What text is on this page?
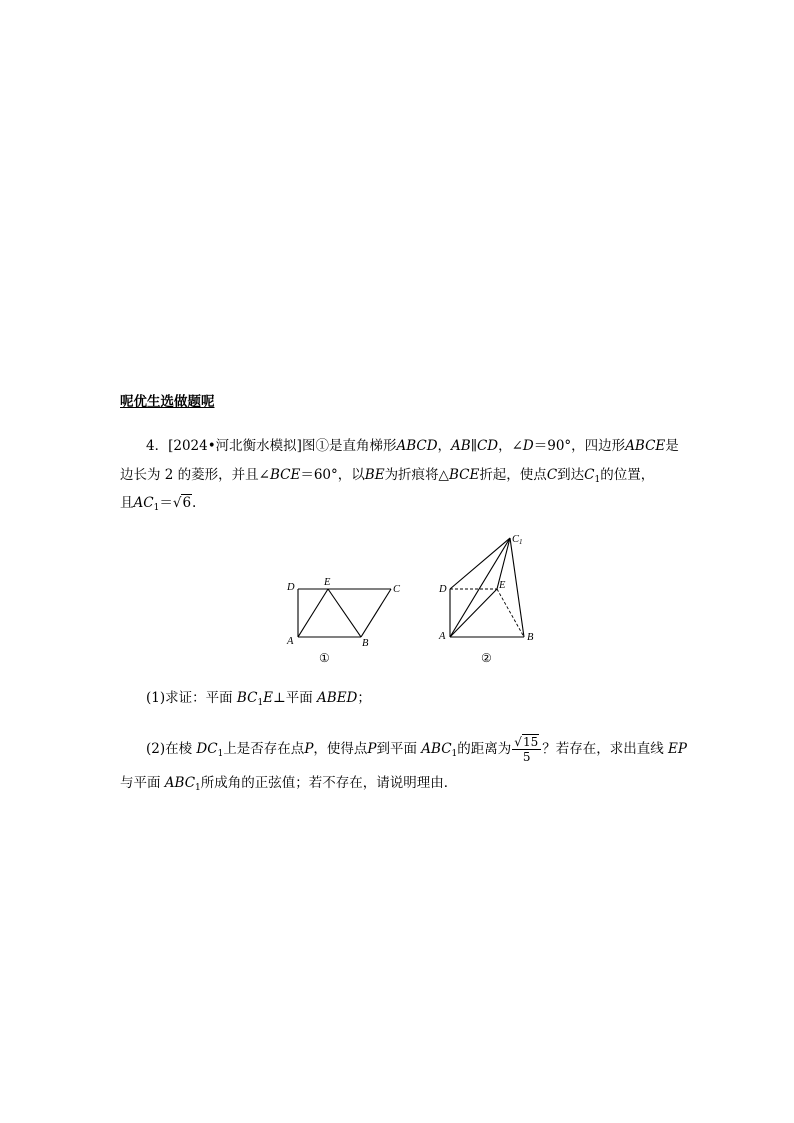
呢优生选做题呢
4．[2024•河北衡水模拟]图①是直角梯形ABCD，AB∥CD，∠D＝90°，四边形ABCE是
边长为 2 的菱形，并且∠BCE＝60°，以BE为折痕将△BCE折起，使点C到达$C_1$的位置，
且$AC_1=√6$.
D	E
C
A	B
①
C1
D	E
A	B
②
(1)求证：平面 $BC_1E\perp$平面 ABED；
(2)在棱 $DC_1$上是否存在点P，使得点P到平面 $ABC_1$的距离为 $\frac{√15}{5}$ ？若存在，求出直线 EP
与平面 $ABC_1$所成角的正弦值；若不存在，请说明理由．
